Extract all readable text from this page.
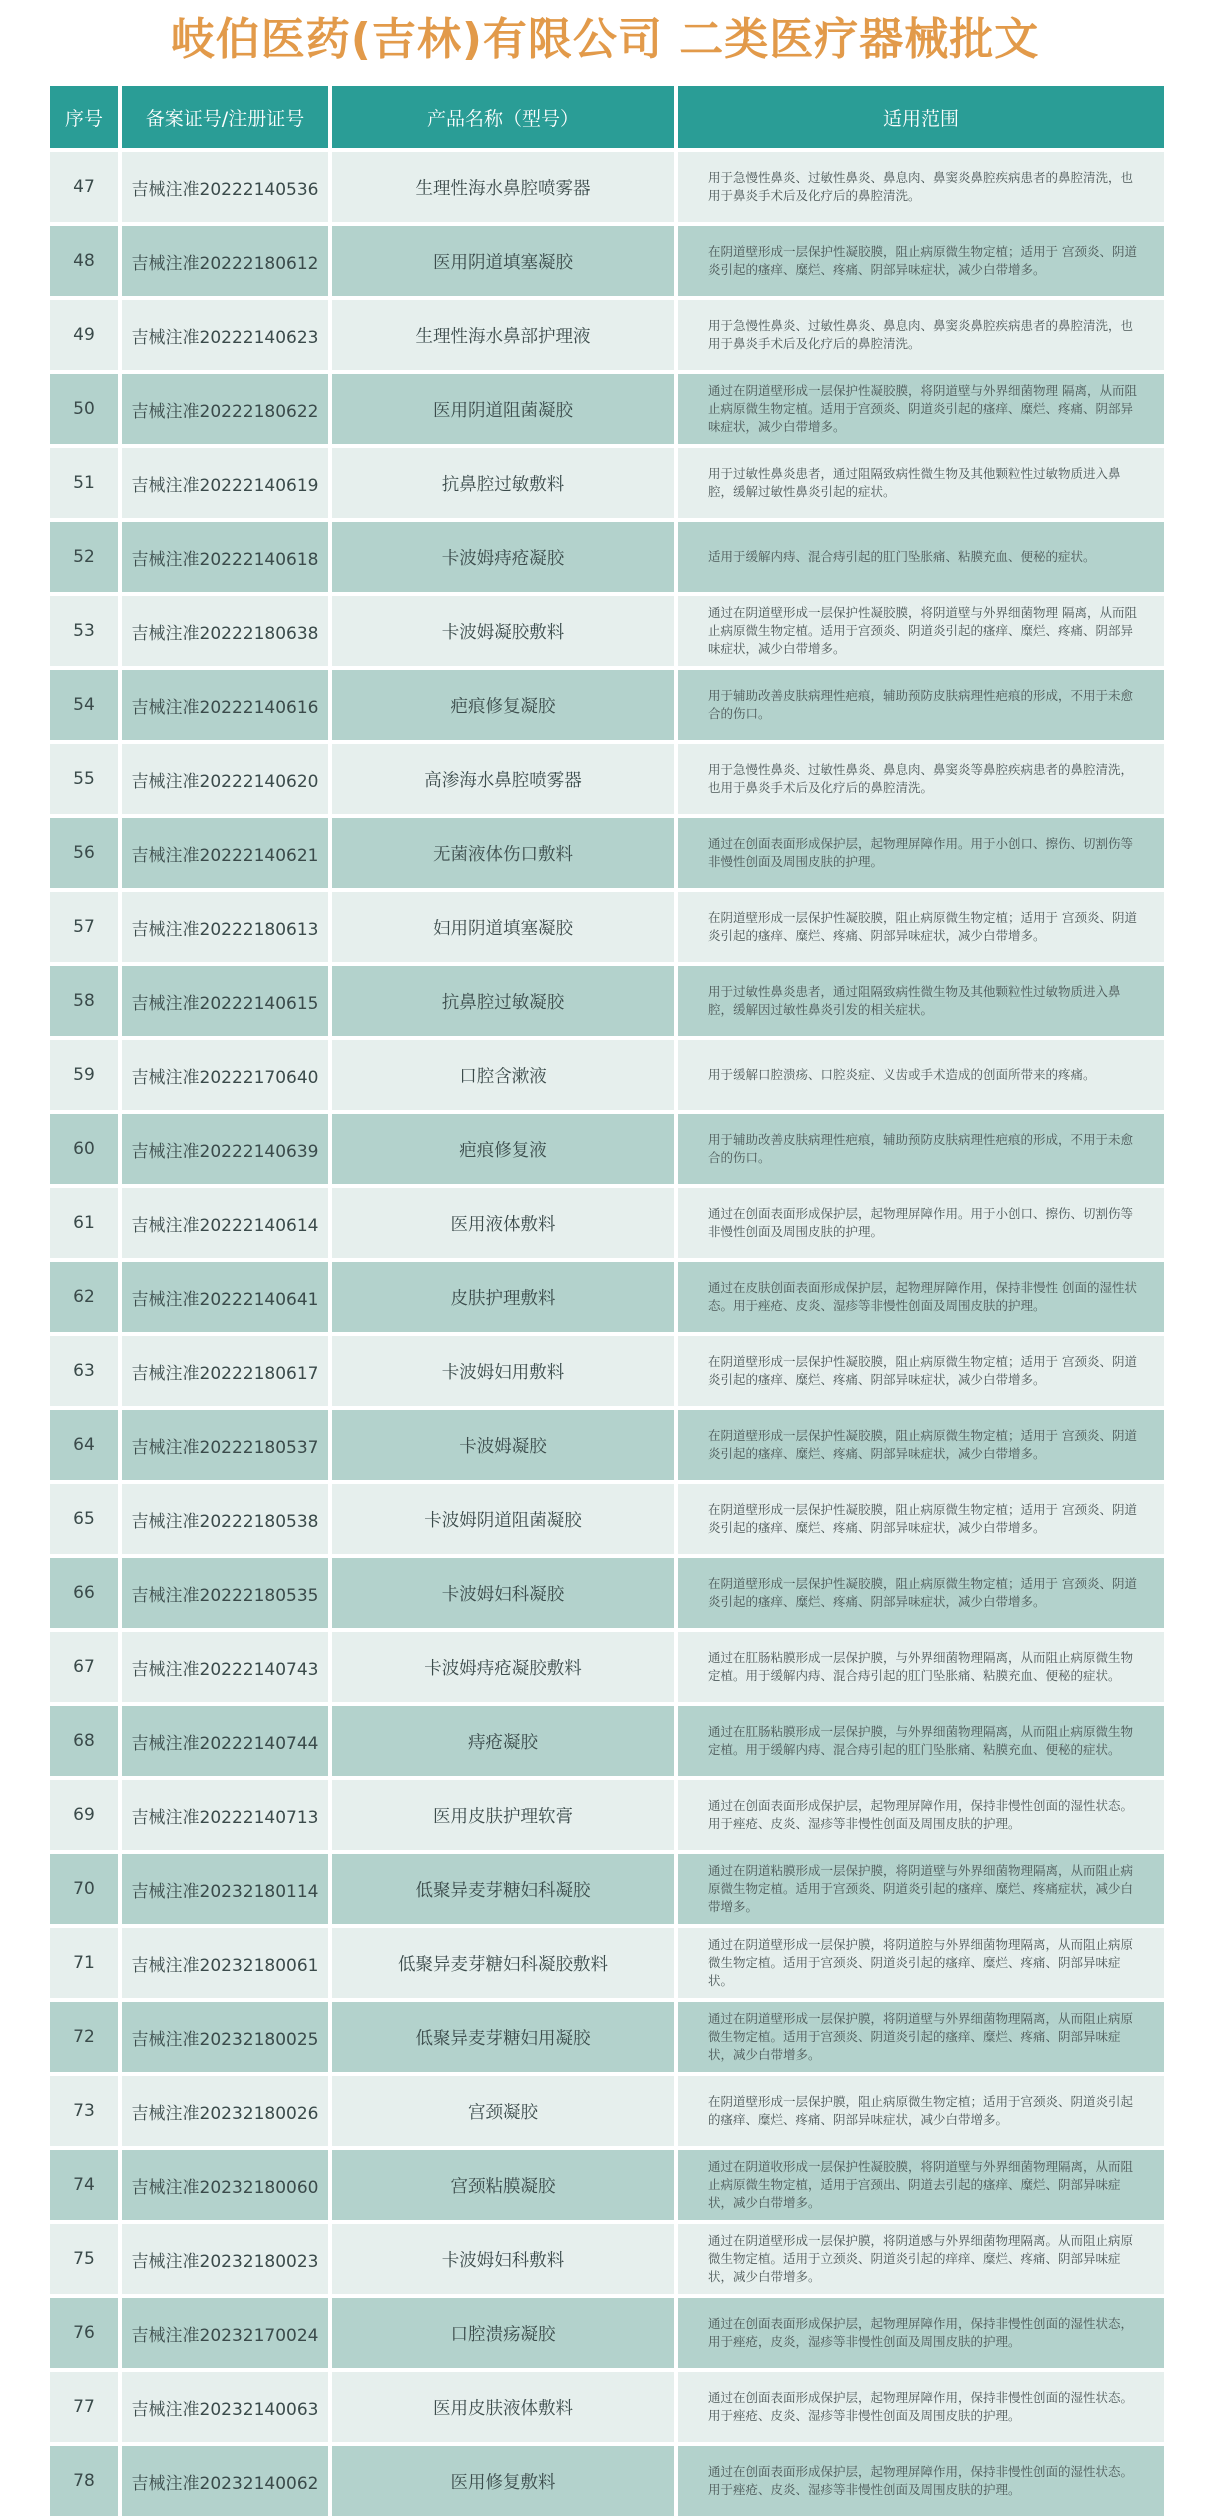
岐伯医药(吉林)有限公司 二类医疗器械批文
序号	备案证号/注册证号	产品名称（型号）	适用范围
47	吉械注准20222140536	生理性海水鼻腔喷雾器	用于急慢性鼻炎、过敏性鼻炎、鼻息肉、鼻窦炎鼻腔疾病患者的鼻腔清洗，也用于鼻炎手术后及化疗后的鼻腔清洗。
48	吉械注准20222180612	医用阴道填塞凝胶	在阴道壁形成一层保护性凝胶膜，阻止病原微生物定植；适用于 宫颈炎、阴道炎引起的瘙痒、糜烂、疼痛、阴部异味症状，减少白带增多。
49	吉械注准20222140623	生理性海水鼻部护理液	用于急慢性鼻炎、过敏性鼻炎、鼻息肉、鼻窦炎鼻腔疾病患者的鼻腔清洗，也用于鼻炎手术后及化疗后的鼻腔清洗。
50	吉械注准20222180622	医用阴道阻菌凝胶	通过在阴道壁形成一层保护性凝胶膜，将阴道壁与外界细菌物理 隔离，从而阻止病原微生物定植。适用于宫颈炎、阴道炎引起的瘙痒、糜烂、疼痛、阴部异味症状，减少白带增多。
51	吉械注准20222140619	抗鼻腔过敏敷料	用于过敏性鼻炎患者，通过阻隔致病性微生物及其他颗粒性过敏物质进入鼻腔，缓解过敏性鼻炎引起的症状。
52	吉械注准20222140618	卡波姆痔疮凝胶	适用于缓解内痔、混合痔引起的肛门坠胀痛、粘膜充血、便秘的症状。
53	吉械注准20222180638	卡波姆凝胶敷料	通过在阴道壁形成一层保护性凝胶膜，将阴道壁与外界细菌物理 隔离，从而阻止病原微生物定植。适用于宫颈炎、阴道炎引起的瘙痒、糜烂、疼痛、阴部异味症状，减少白带增多。
54	吉械注准20222140616	疤痕修复凝胶	用于辅助改善皮肤病理性疤痕，辅助预防皮肤病理性疤痕的形成，不用于未愈合的伤口。
55	吉械注准20222140620	高渗海水鼻腔喷雾器	用于急慢性鼻炎、过敏性鼻炎、鼻息肉、鼻窦炎等鼻腔疾病患者的鼻腔清洗，也用于鼻炎手术后及化疗后的鼻腔清洗。
56	吉械注准20222140621	无菌液体伤口敷料	通过在创面表面形成保护层，起物理屏障作用。用于小创口、擦伤、切割伤等非慢性创面及周围皮肤的护理。
57	吉械注准20222180613	妇用阴道填塞凝胶	在阴道壁形成一层保护性凝胶膜，阻止病原微生物定植；适用于 宫颈炎、阴道炎引起的瘙痒、糜烂、疼痛、阴部异味症状，减少白带增多。
58	吉械注准20222140615	抗鼻腔过敏凝胶	用于过敏性鼻炎患者，通过阻隔致病性微生物及其他颗粒性过敏物质进入鼻腔，缓解因过敏性鼻炎引发的相关症状。
59	吉械注准20222170640	口腔含漱液	用于缓解口腔溃疡、口腔炎症、义齿或手术造成的创面所带来的疼痛。
60	吉械注准20222140639	疤痕修复液	用于辅助改善皮肤病理性疤痕，辅助预防皮肤病理性疤痕的形成，不用于未愈合的伤口。
61	吉械注准20222140614	医用液体敷料	通过在创面表面形成保护层，起物理屏障作用。用于小创口、擦伤、切割伤等非慢性创面及周围皮肤的护理。
62	吉械注准20222140641	皮肤护理敷料	通过在皮肤创面表面形成保护层，起物理屏障作用，保持非慢性 创面的湿性状态。用于痤疮、皮炎、湿疹等非慢性创面及周围皮肤的护理。
63	吉械注准20222180617	卡波姆妇用敷料	在阴道壁形成一层保护性凝胶膜，阻止病原微生物定植；适用于 宫颈炎、阴道炎引起的瘙痒、糜烂、疼痛、阴部异味症状，减少白带增多。
64	吉械注准20222180537	卡波姆凝胶	在阴道壁形成一层保护性凝胶膜，阻止病原微生物定植；适用于 宫颈炎、阴道炎引起的瘙痒、糜烂、疼痛、阴部异味症状，减少白带增多。
65	吉械注准20222180538	卡波姆阴道阻菌凝胶	在阴道壁形成一层保护性凝胶膜，阻止病原微生物定植；适用于 宫颈炎、阴道炎引起的瘙痒、糜烂、疼痛、阴部异味症状，减少白带增多。
66	吉械注准20222180535	卡波姆妇科凝胶	在阴道壁形成一层保护性凝胶膜，阻止病原微生物定植；适用于 宫颈炎、阴道炎引起的瘙痒、糜烂、疼痛、阴部异味症状，减少白带增多。
67	吉械注准20222140743	卡波姆痔疮凝胶敷料	通过在肛肠粘膜形成一层保护膜，与外界细菌物理隔离，从而阻止病原微生物定植。用于缓解内痔、混合痔引起的肛门坠胀痛、粘膜充血、便秘的症状。
68	吉械注准20222140744	痔疮凝胶	通过在肛肠粘膜形成一层保护膜，与外界细菌物理隔离，从而阻止病原微生物定植。用于缓解内痔、混合痔引起的肛门坠胀痛、粘膜充血、便秘的症状。
69	吉械注准20222140713	医用皮肤护理软膏	通过在创面表面形成保护层，起物理屏障作用，保持非慢性创面的湿性状态。用于痤疮、皮炎、湿疹等非慢性创面及周围皮肤的护理。
70	吉械注准20232180114	低聚异麦芽糖妇科凝胶	通过在阴道粘膜形成一层保护膜，将阴道壁与外界细菌物理隔离，从而阻止病原微生物定植。适用于宫颈炎、阴道炎引起的瘙痒、糜烂、疼痛症状，减少白带增多。
71	吉械注准20232180061	低聚异麦芽糖妇科凝胶敷料	通过在阴道壁形成一层保护膜，将阴道腔与外界细菌物理隔离，从而阻止病原微生物定植。适用于宫颈炎、阴道炎引起的瘙痒、糜烂、疼痛、阴部异味症状。
72	吉械注准20232180025	低聚异麦芽糖妇用凝胶	通过在阴道壁形成一层保护膜，将阴道壁与外界细菌物理隔离，从而阻止病原微生物定植。适用于宫颈炎、阴道炎引起的瘙痒、糜烂、疼痛、阴部异味症状，减少白带增多。
73	吉械注准20232180026	宫颈凝胶	在阴道壁形成一层保护膜，阻止病原微生物定植；适用于宫颈炎、阴道炎引起的瘙痒、糜烂、疼痛、阴部异味症状，减少白带增多。
74	吉械注准20232180060	宫颈粘膜凝胶	通过在阴道收形成一层保护性凝胶膜，将阴道壁与外界细菌物理隔离，从而阻止病原微生物定植，适用于宫颈出、阴道去引起的瘙痒、糜烂、阴部异味症状，减少白带增多。
75	吉械注准20232180023	卡波姆妇科敷料	通过在阴道壁形成一层保护膜，将阴道感与外界细菌物理隔离。从而阻止病原微生物定植。适用于立颈炎、阴道炎引起的痒痒、糜烂、疼痛、阴部异味症状，减少白带增多。
76	吉械注准20232170024	口腔溃疡凝胶	通过在创面表面形成保护层，起物理屏障作用，保持非慢性创面的湿性状态，用于痤疮，皮炎，湿疹等非慢性创面及周围皮肤的护理。
77	吉械注准20232140063	医用皮肤液体敷料	通过在创面表面形成保护层，起物理屏障作用，保持非慢性创面的湿性状态。用于痤疮、皮炎、湿疹等非慢性创面及周围皮肤的护理。
78	吉械注准20232140062	医用修复敷料	通过在创面表面形成保护层，起物理屏障作用，保持非慢性创面的湿性状态。用于痤疮、皮炎、湿疹等非慢性创面及周围皮肤的护理。
